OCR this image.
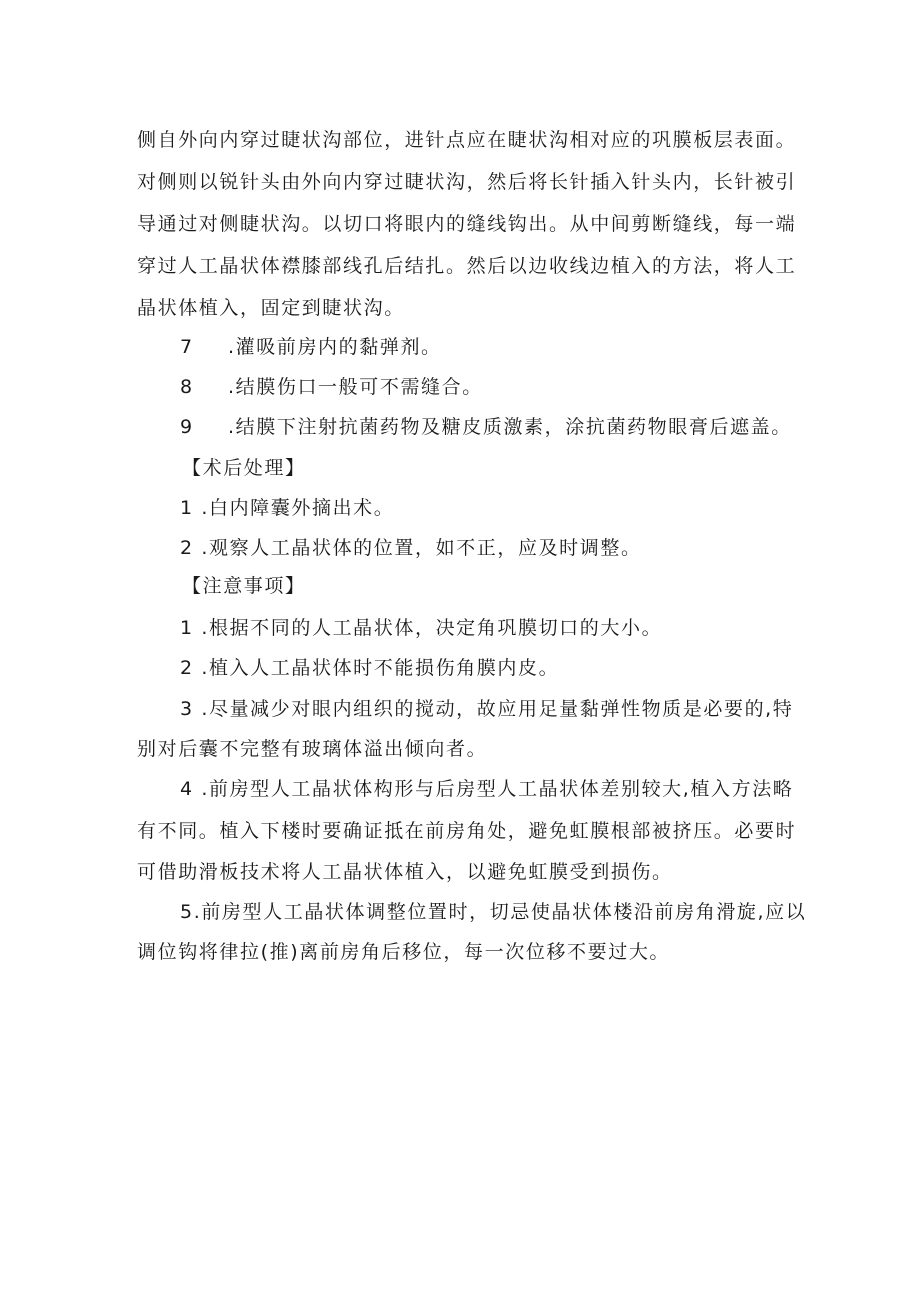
侧自外向内穿过睫状沟部位，进针点应在睫状沟相对应的巩膜板层表面。
对侧则以锐针头由外向内穿过睫状沟，然后将长针插入针头内，长针被引
导通过对侧睫状沟。以切口将眼内的缝线钩出。从中间剪断缝线，每一端
穿过人工晶状体襟膝部线孔后结扎。然后以边收线边植入的方法，将人工
晶状体植入，固定到睫状沟。
7 .灌吸前房内的黏弹剂。
8 .结膜伤口一般可不需缝合。
9 .结膜下注射抗菌药物及糖皮质激素，涂抗菌药物眼膏后遮盖。
【术后处理】
1 .白内障囊外摘出术。
2 .观察人工晶状体的位置，如不正，应及时调整。
【注意事项】
1 .根据不同的人工晶状体，决定角巩膜切口的大小。
2 .植入人工晶状体时不能损伤角膜内皮。
3 .尽量减少对眼内组织的搅动，故应用足量黏弹性物质是必要的,特
别对后囊不完整有玻璃体溢出倾向者。
4 .前房型人工晶状体构形与后房型人工晶状体差别较大,植入方法略
有不同。植入下楼时要确证抵在前房角处，避免虹膜根部被挤压。必要时
可借助滑板技术将人工晶状体植入，以避免虹膜受到损伤。
5.前房型人工晶状体调整位置时，切忌使晶状体楼沿前房角滑旋,应以
调位钩将律拉(推)离前房角后移位，每一次位移不要过大。
